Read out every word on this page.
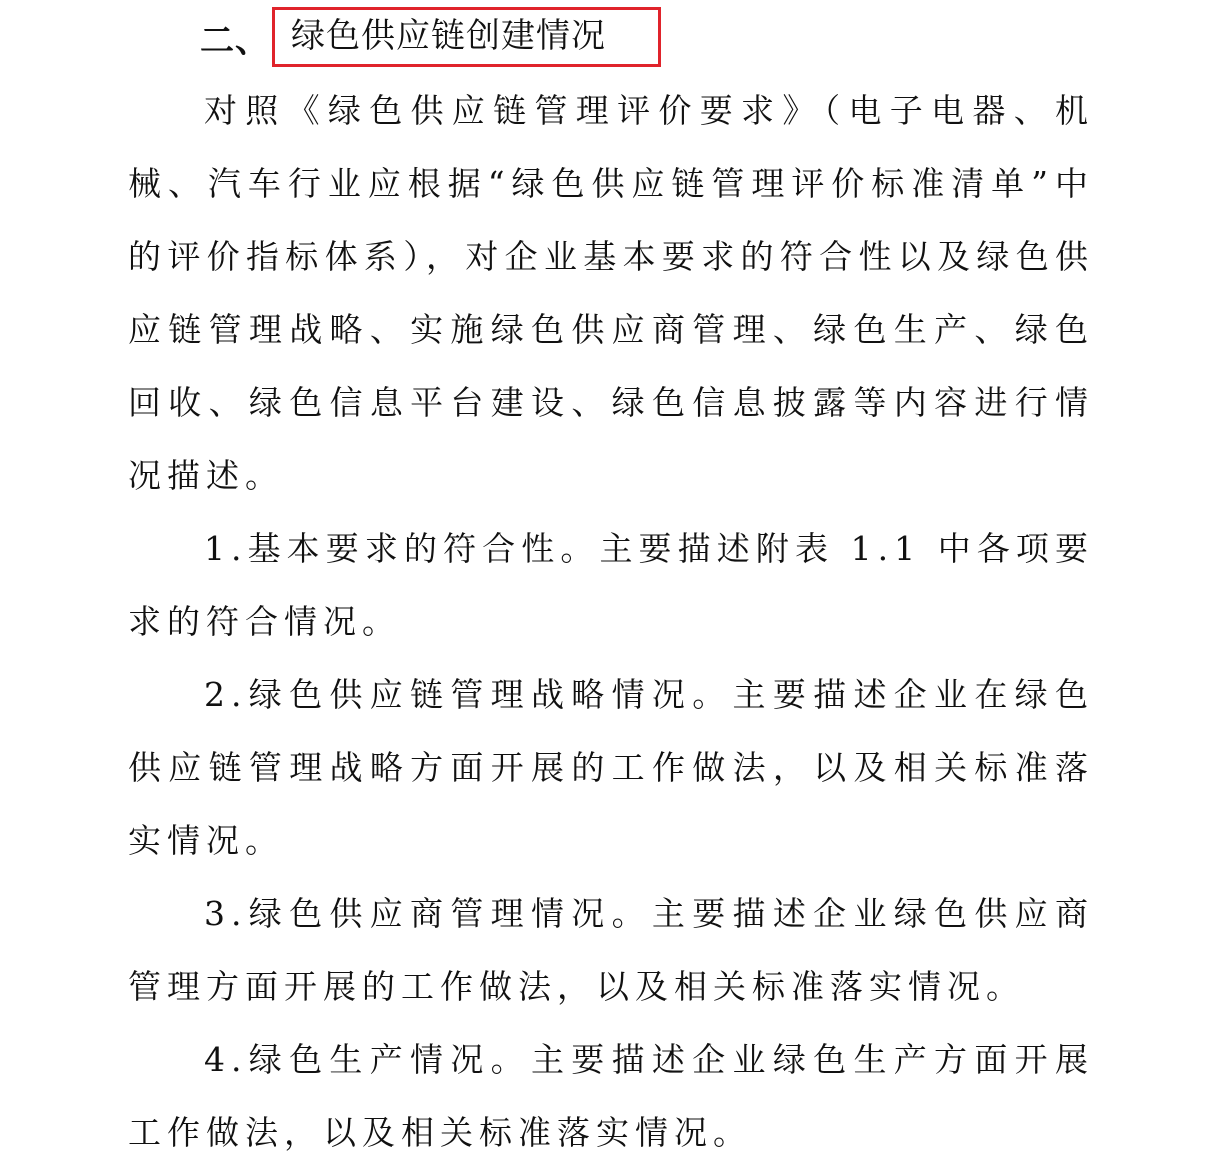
二、 绿色供应链创建情况

对照《绿色供应链管理评价要求》（电子电器、机械、汽车行业应根据“绿色供应链管理评价标准清单”中的评价指标体系），对企业基本要求的符合性以及绿色供应链管理战略、实施绿色供应商管理、绿色生产、绿色回收、绿色信息平台建设、绿色信息披露等内容进行情况描述。

1.基本要求的符合性。主要描述附表 1.1 中各项要求的符合情况。

2.绿色供应链管理战略情况。主要描述企业在绿色供应链管理战略方面开展的工作做法，以及相关标准落实情况。

3.绿色供应商管理情况。主要描述企业绿色供应商管理方面开展的工作做法，以及相关标准落实情况。

4.绿色生产情况。主要描述企业绿色生产方面开展工作做法，以及相关标准落实情况。
